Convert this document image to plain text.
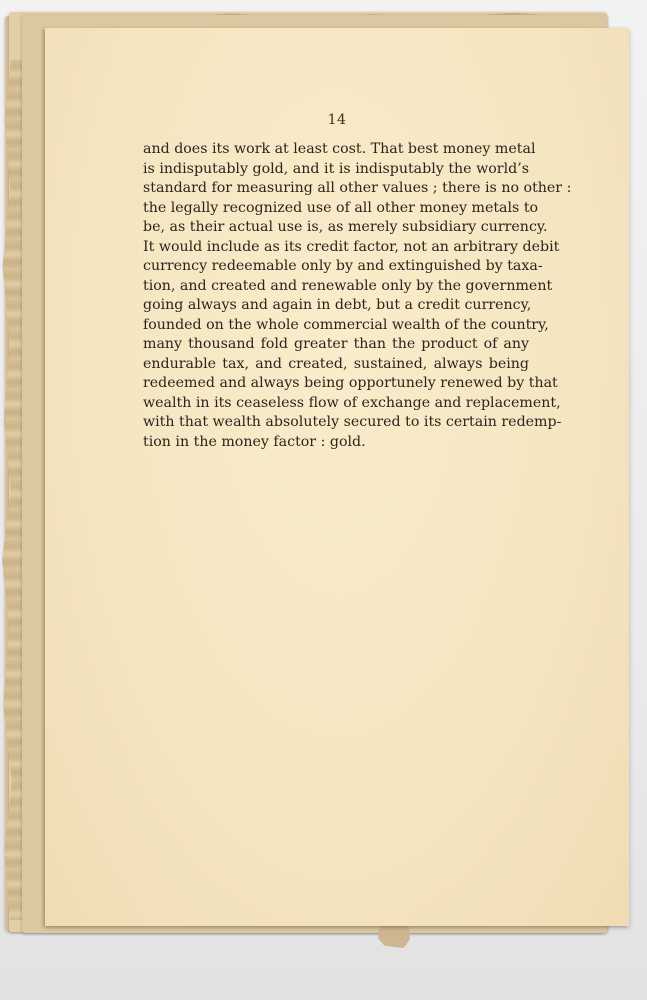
14
and does its work at least cost. That best money metal
is indisputably gold, and it is indisputably the world’s
standard for measuring all other values ; there is no other :
the legally recognized use of all other money metals to
be, as their actual use is, as merely subsidiary currency.
It would include as its credit factor, not an arbitrary debit
currency redeemable only by and extinguished by taxa-
tion, and created and renewable only by the government
going always and again in debt, but a credit currency,
founded on the whole commercial wealth of the country,
many thousand fold greater than the product of any
endurable tax, and created, sustained, always being
redeemed and always being opportunely renewed by that
wealth in its ceaseless flow of exchange and replacement,
with that wealth absolutely secured to its certain redemp-
tion in the money factor : gold.
